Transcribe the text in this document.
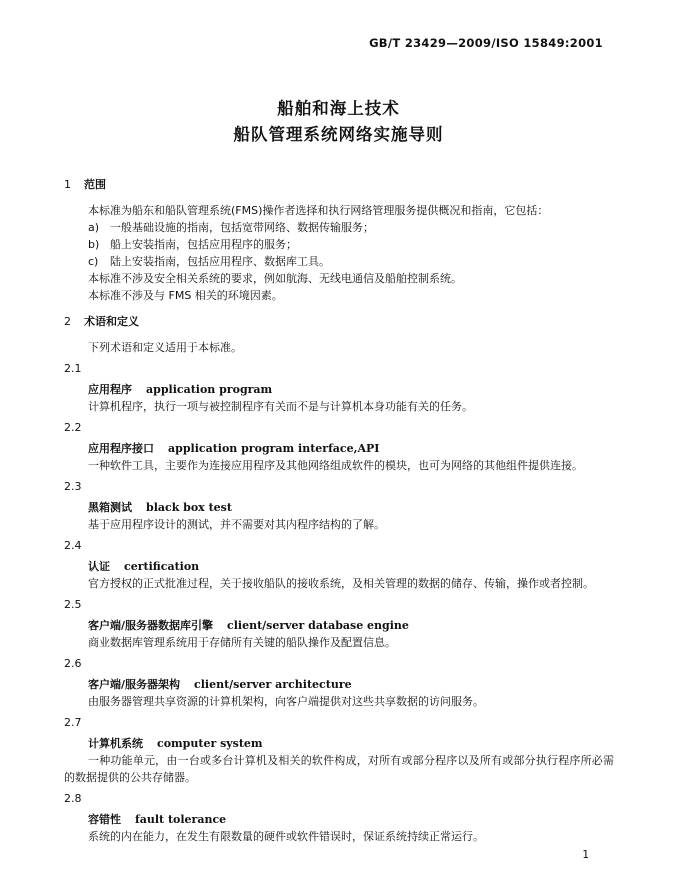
GB/T 23429—2009/ISO 15849:2001
船舶和海上技术
船队管理系统网络实施导则

1 范围

本标准为船东和船队管理系统(FMS)操作者选择和执行网络管理服务提供概况和指南，它包括：

a) 一般基础设施的指南，包括宽带网络、数据传输服务；

b) 船上安装指南，包括应用程序的服务；

c) 陆上安装指南，包括应用程序、数据库工具。

本标准不涉及安全相关系统的要求，例如航海、无线电通信及船舶控制系统。

本标准不涉及与 FMS 相关的环境因素。

2 术语和定义

下列术语和定义适用于本标准。

2.1

应用程序 application program

计算机程序，执行一项与被控制程序有关而不是与计算机本身功能有关的任务。

2.2

应用程序接口 application program interface,API

一种软件工具，主要作为连接应用程序及其他网络组成软件的模块，也可为网络的其他组件提供连接。

2.3

黑箱测试 black box test

基于应用程序设计的测试，并不需要对其内程序结构的了解。

2.4

认证 certification

官方授权的正式批准过程，关于接收船队的接收系统，及相关管理的数据的储存、传输，操作或者控制。

2.5

客户端/服务器数据库引擎 client/server database engine

商业数据库管理系统用于存储所有关键的船队操作及配置信息。

2.6

客户端/服务器架构 client/server architecture

由服务器管理共享资源的计算机架构，向客户端提供对这些共享数据的访问服务。

2.7

计算机系统 computer system

一种功能单元，由一台或多台计算机及相关的软件构成，对所有或部分程序以及所有或部分执行程序所必需的数据提供的公共存储器。

2.8

容错性 fault tolerance

系统的内在能力，在发生有限数量的硬件或软件错误时，保证系统持续正常运行。

1
